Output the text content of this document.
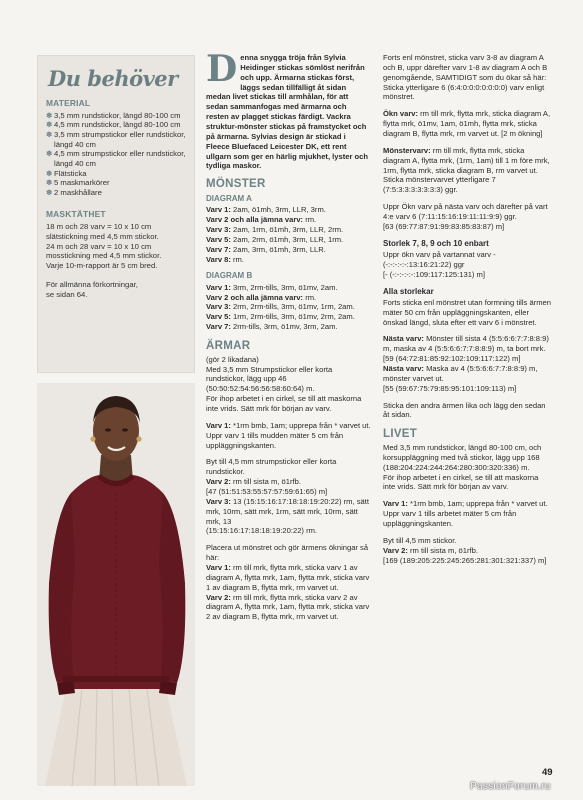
Du behöver
MATERIAL
❄ 3,5 mm rundstickor, längd 80-100 cm
❄ 4,5 mm rundstickor, längd 80-100 cm
❄ 3,5 mm strumpstickor eller rundstickor, längd 40 cm
❄ 4,5 mm strumpstickor eller rundstickor, längd 40 cm
❄ Flätsticka
❄ 5 maskmarkörer
❄ 2 maskhållare
MASKTÄTHET

18 m och 28 varv = 10 x 10 cm

slätstickning med 4,5 mm stickor.

24 m och 28 varv = 10 x 10 cm

mosstickning med 4,5 mm stickor.

Varje 10-m-rapport är 5 cm bred.

För allmänna förkortningar,

se sidan 64.

Denna snygga tröja från Sylvia Heidinger stickas sömlöst nerifrån och upp. Ärmarna stickas först, läggs sedan tillfälligt åt sidan medan livet stickas till armhålan, för att sedan sammanfogas med ärmarna och resten av plagget stickas färdigt. Vackra struktur-mönster stickas på framstycket och på ärmarna. Sylvias design är stickad i Fleece Bluefaced Leicester DK, ett rent ullgarn som ger en härlig mjukhet, lyster och tydliga maskor.
MÖNSTER
DIAGRAM A
Varv 1: 2am, ö1mh, 3rm, LLR, 3rm.
Varv 2 och alla jämna varv: rm.
Varv 3: 2am, 1rm, ö1mh, 3rm, LLR, 2rm.
Varv 5: 2am, 2rm, ö1mh, 3rm, LLR, 1rm.
Varv 7: 2am, 3rm, ö1mh, 3rm, LLR.
Varv 8: rm.
DIAGRAM B
Varv 1: 3rm, 2rm-tills, 3rm, ö1mv, 2am.
Varv 2 och alla jämna varv: rm.
Varv 3: 2rm, 2rm-tills, 3rm, ö1mv, 1rm, 2am.
Varv 5: 1rm, 2rm-tills, 3rm, ö1mv, 2rm, 2am.
Varv 7: 2rm-tills, 3rm, ö1mv, 3rm, 2am.
ÄRMAR
(gör 2 likadana)
Med 3,5 mm Strumpstickor eller korta rundstickor, lägg upp 46
(50:50:52:54:56:56:58:60:64) m.

För ihop arbetet i en cirkel, se till att maskorna inte vrids. Sätt mrk för början av varv.

Varv 1: *1rm bmb, 1am; upprepa från * varvet ut. Uppr varv 1 tills mudden mäter 5 cm från uppläggningskanten.

Byt till 4,5 mm strumpstickor eller korta rundstickor.
Varv 2: rm till sista m, ö1rfb.
[47 (51:51:53:55:57:57:59:61:65) m]
Varv 3: 13 (15:15:16:17:18:18:19:20:22) rm, sätt mrk, 10rm, sätt mrk, 1rm, sätt mrk, 10rm, sätt mrk, 13

(15:15:16:17:18:18:19:20:22) rm.

Placera ut mönstret och gör ärmens ökningar så här:
Varv 1: rm till mrk, flytta mrk, sticka varv 1 av diagram A, flytta mrk, 1am, flytta mrk, sticka varv 1 av diagram B, flytta mrk, rm varvet ut.
Varv 2: rm till mrk, flytta mrk, sticka varv 2 av diagram A, flytta mrk, 1am, flytta mrk, sticka varv 2 av diagram B, flytta mrk, rm varvet ut.

Forts enl mönstret, sticka varv 3-8 av diagram A och B, uppr därefter varv 1-8 av diagram A och B genomgående, SAMTIDIGT som du ökar så här: Sticka ytterligare 6 (6:4:0:0:0:0:0:0:0) varv enligt mönstret.

Ökn varv: rm till mrk, flytta mrk, sticka diagram A, flytta mrk, ö1mv, 1am, ö1mh, flytta mrk, sticka diagram B, flytta mrk, rm varvet ut. [2 m ökning]

Mönstervarv: rm till mrk, flytta mrk, sticka diagram A, flytta mrk, (1rm, 1am) till 1 m före mrk, 1rm, flytta mrk, sticka diagram B, rm varvet ut.

Sticka mönstervarvet ytterligare 7 (7:5:3:3:3:3:3:3:3) ggr.

Uppr Ökn varv på nästa varv och därefter på vart 4:e varv 6 (7:11:15:16:19:11:11:9:9) ggr.

[63 (69:77:87:91:99:83:85:83:87) m]

Storlek 7, 8, 9 och 10 enbart
Uppr ökn varv på vartannat varv - (-:-:-:-:-:13:16:21:22) ggr

[- (-:-:-:-:-:109:117:125:131) m]

Alla storlekar

Forts sticka enl mönstret utan formning tills ärmen mäter 50 cm från uppläggningskanten, eller önskad längd, sluta efter ett varv 6 i mönstret.

Nästa varv: Mönster till sista 4 (5:5:6:6:7:7:8:8:9) m, maska av 4 (5:5:6:6:7:7:8:8:9) m, ta bort mrk.
[59 (64:72:81:85:92:102:109:117:122) m]
Nästa varv: Maska av 4 (5:5:6:6:7:7:8:8:9) m, mönster varvet ut.

[55 (59:67:75:79:85:95:101:109:113) m]

Sticka den andra ärmen lika och lägg den sedan åt sidan.

LIVET
Med 3,5 mm rundstickor, längd 80-100 cm, och korsuppläggning med två stickor, lägg upp 168 (188:204:224:244:264:280:300:320:336) m.

För ihop arbetet i en cirkel, se till att maskorna inte vrids. Sätt mrk för början av varv.

Varv 1: *1rm bmb, 1am; upprepa från * varvet ut. Uppr varv 1 tills arbetet mäter 5 cm från uppläggningskanten.

Byt till 4,5 mm stickor.
Varv 2: rm till sista m, ö1rfb.
[169 (189:205:225:245:265:281:301:321:337) m]
49
PassionForum.ru
